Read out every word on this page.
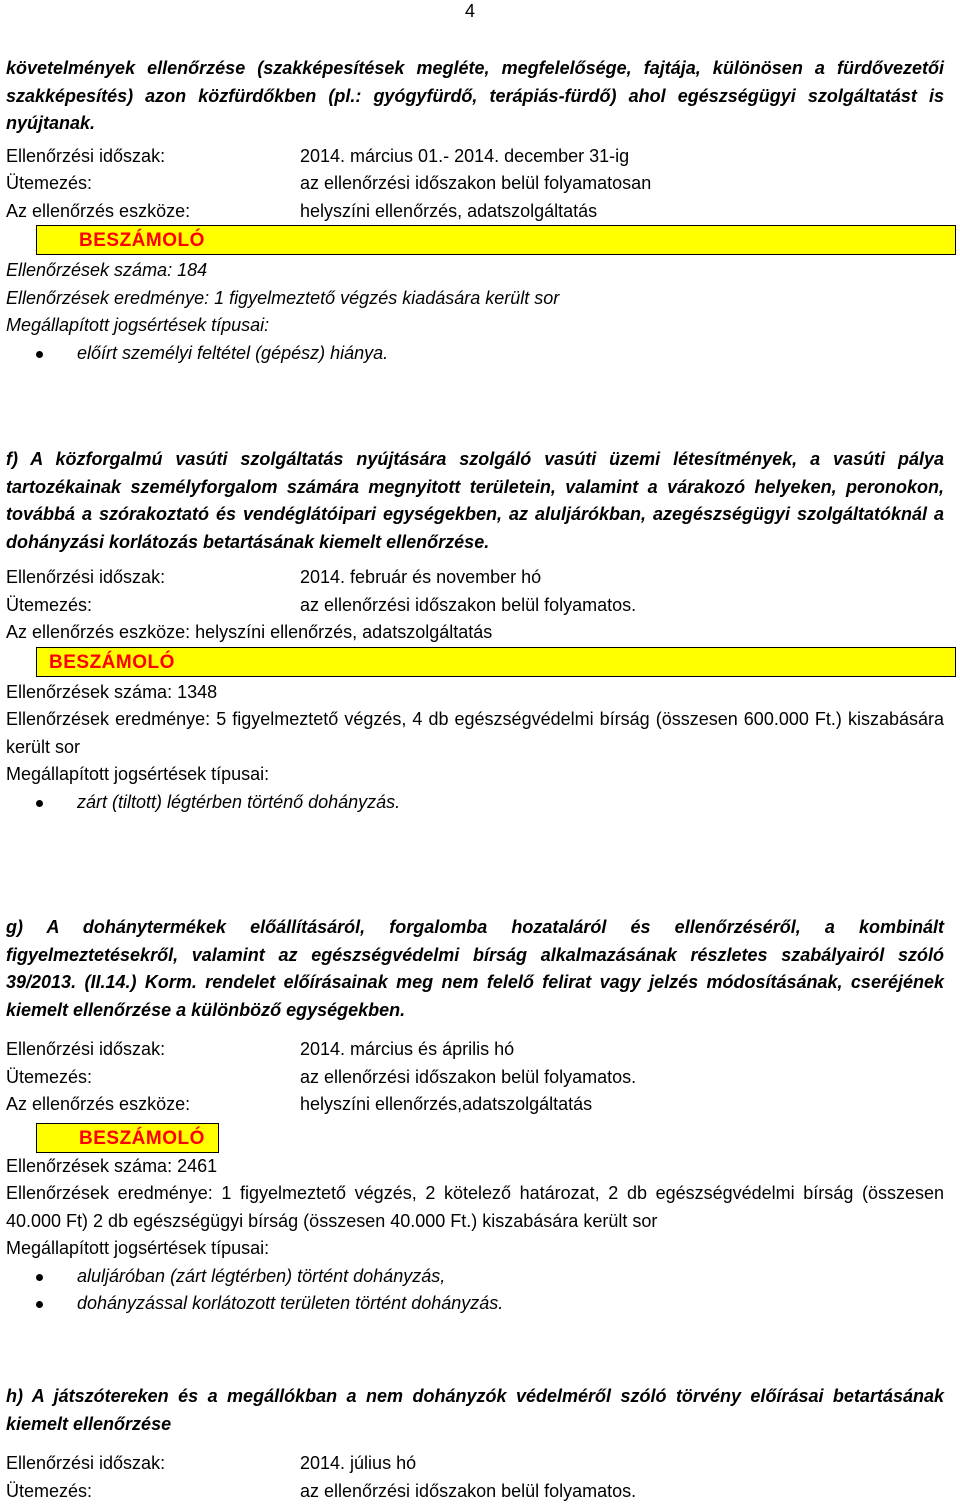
4
követelmények ellenőrzése (szakképesítések megléte, megfelelősége, fajtája, különösen a fürdővezetői szakképesítés) azon közfürdőkben (pl.: gyógyfürdő, terápiás-fürdő) ahol egészségügyi szolgáltatást is nyújtanak.
Ellenőrzési időszak:	2014. március 01.- 2014. december 31-ig
Ütemezés:	az ellenőrzési időszakon belül folyamatosan
Az ellenőrzés eszköze:	helyszíni ellenőrzés, adatszolgáltatás
BESZÁMOLÓ
Ellenőrzések száma: 184
Ellenőrzések eredménye: 1 figyelmeztető végzés kiadására került sor
Megállapított jogsértések típusai:
előírt személyi feltétel (gépész) hiánya.
f) A közforgalmú vasúti szolgáltatás nyújtására szolgáló vasúti üzemi létesítmények, a vasúti pálya tartozékainak személyforgalom számára megnyitott területein, valamint a várakozó helyeken, peronokon, továbbá a szórakoztató és vendéglátóipari egységekben, az aluljárókban, azegészségügyi szolgáltatóknál a dohányzási korlátozás betartásának kiemelt ellenőrzése.
Ellenőrzési időszak:	2014. február és november hó
Ütemezés:	az ellenőrzési időszakon belül folyamatos.
Az ellenőrzés eszköze: helyszíni ellenőrzés, adatszolgáltatás
BESZÁMOLÓ
Ellenőrzések száma: 1348
Ellenőrzések eredménye: 5 figyelmeztető végzés, 4 db egészségvédelmi bírság (összesen 600.000 Ft.) kiszabására került sor
Megállapított jogsértések típusai:
zárt (tiltott) légtérben történő dohányzás.
g) A dohánytermékek előállításáról, forgalomba hozataláról és ellenőrzéséről, a kombinált figyelmeztetésekről, valamint az egészségvédelmi bírság alkalmazásának részletes szabályairól szóló 39/2013. (II.14.) Korm. rendelet előírásainak meg nem felelő felirat vagy jelzés módosításának, cseréjének kiemelt ellenőrzése a különböző egységekben.
Ellenőrzési időszak:	2014. március és április hó
Ütemezés:	az ellenőrzési időszakon belül folyamatos.
Az ellenőrzés eszköze:	helyszíni ellenőrzés,adatszolgáltatás
BESZÁMOLÓ
Ellenőrzések száma: 2461
Ellenőrzések eredménye: 1 figyelmeztető végzés, 2 kötelező határozat, 2 db egészségvédelmi bírság (összesen 40.000 Ft) 2 db egészségügyi bírság (összesen 40.000 Ft.) kiszabására került sor
Megállapított jogsértések típusai:
aluljáróban (zárt légtérben) történt dohányzás,
dohányzással korlátozott területen történt dohányzás.
h) A játszótereken és a megállókban a nem dohányzók védelméről szóló törvény előírásai betartásának kiemelt ellenőrzése
Ellenőrzési időszak:	2014. július hó
Ütemezés:	az ellenőrzési időszakon belül folyamatos.
